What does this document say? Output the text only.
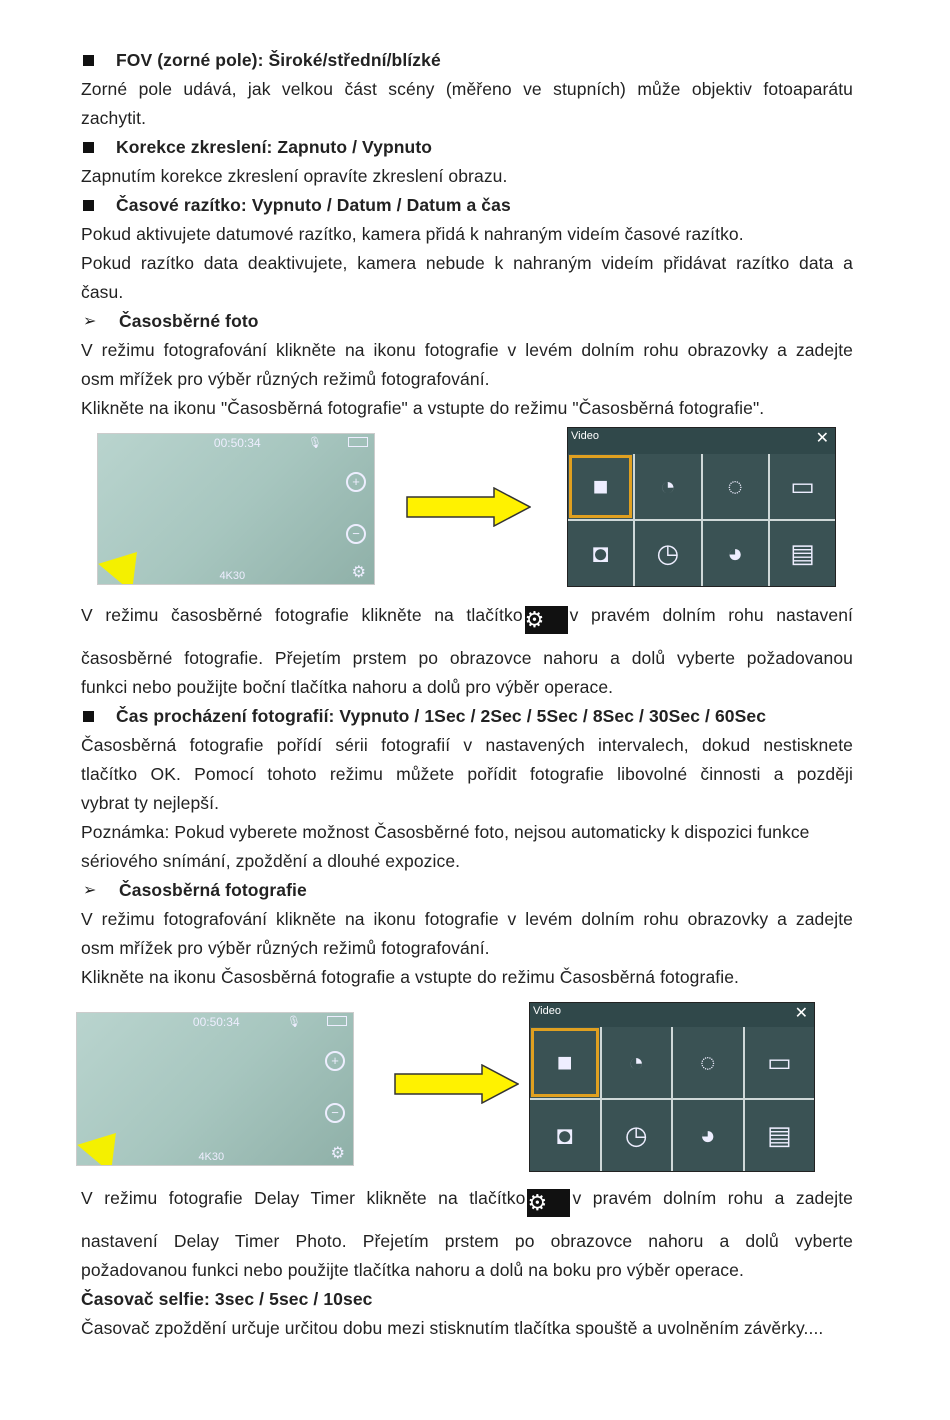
FOV (zorné pole): Široké/střední/blízké

Zorné pole udává, jak velkou část scény (měřeno ve stupních) může objektiv fotoaparátu

zachytit.

Korekce zkreslení: Zapnuto / Vypnuto

Zapnutím korekce zkreslení opravíte zkreslení obrazu.

Časové razítko: Vypnuto / Datum / Datum a čas

Pokud aktivujete datumové razítko, kamera přidá k nahraným videím časové razítko.

Pokud razítko data deaktivujete, kamera nebude k nahraným videím přidávat razítko data a

času.

➢	Časosběrné foto

V režimu fotografování klikněte na ikonu fotografie v levém dolním rohu obrazovky a zadejte

osm mřížek pro výběr různých režimů fotografování.

Klikněte na ikonu "Časosběrná fotografie" a vstupte do režimu "Časosběrná fotografie".

00:50:34	🎙
+
−
4K30	⚙
Video	✕
■	◔	◌	▭
◘	◷	◕	▤

V režimu časosběrné fotografie klikněte na tlačítko⚙ v pravém dolním rohu nastavení

časosběrné fotografie. Přejetím prstem po obrazovce nahoru a dolů vyberte požadovanou

funkci nebo použijte boční tlačítka nahoru a dolů pro výběr operace.

Čas procházení fotografií: Vypnuto / 1Sec / 2Sec / 5Sec / 8Sec / 30Sec / 60Sec

Časosběrná fotografie pořídí sérii fotografií v nastavených intervalech, dokud nestisknete

tlačítko OK. Pomocí tohoto režimu můžete pořídit fotografie libovolné činnosti a později

vybrat ty nejlepší.

Poznámka: Pokud vyberete možnost Časosběrné foto, nejsou automaticky k dispozici funkce

sériového snímání, zpoždění a dlouhé expozice.

➢	Časosběrná fotografie

V režimu fotografování klikněte na ikonu fotografie v levém dolním rohu obrazovky a zadejte

osm mřížek pro výběr různých režimů fotografování.

Klikněte na ikonu Časosběrná fotografie a vstupte do režimu Časosběrná fotografie.

00:50:34	🎙
+
−
4K30	⚙
Video	✕
■	◔	◌	▭
◘	◷	◕	▤

V režimu fotografie Delay Timer klikněte na tlačítko⚙ v pravém dolním rohu a zadejte

nastavení Delay Timer Photo. Přejetím prstem po obrazovce nahoru a dolů vyberte

požadovanou funkci nebo použijte tlačítka nahoru a dolů na boku pro výběr operace.

Časovač selfie: 3sec / 5sec / 10sec

Časovač zpoždění určuje určitou dobu mezi stisknutím tlačítka spouště a uvolněním závěrky....
